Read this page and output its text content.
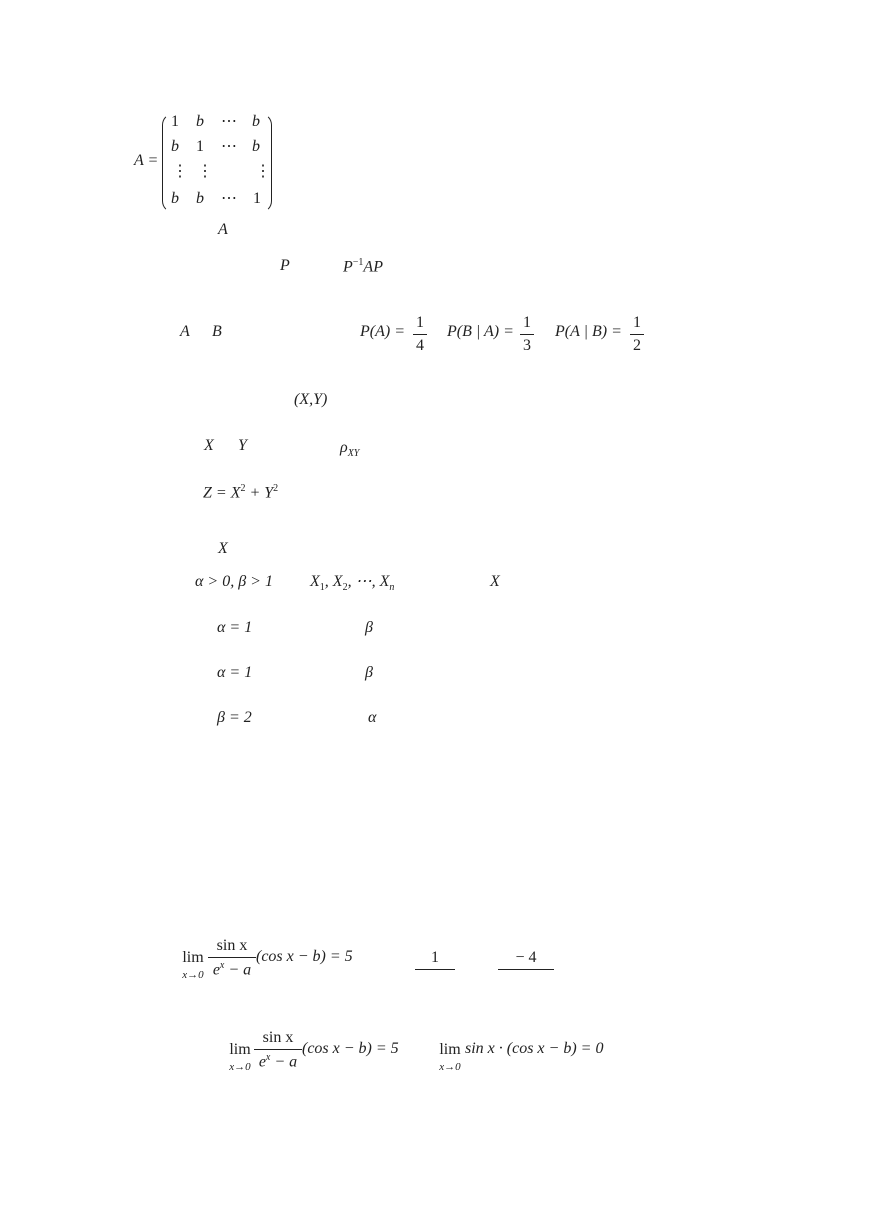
A =
1 b ⋯ b
b 1 ⋯ b
⋮ ⋮	⋮
b b ⋯ 1
A
P	$P^{-1}AP$
A B	P(A) =
1
4
P(B | A) =
1
3
P(A | B) =
1
2
(X,Y)
X Y	$\rho_{XY}$
$Z = X^2 + Y^2$
X
α > 0, β > 1 $X_1$, $X_2$, ⋯, $X_n$	X
α = 1	β
α = 1	β
β = 2	α
lim
x→0
sin x
$e^x - a$
(cos x − b) = 5	1	− 4
lim
x→0
sin x
$e^x - a$
(cos x − b) = 5	lim
x→0
sin x · (cos x − b) = 0
